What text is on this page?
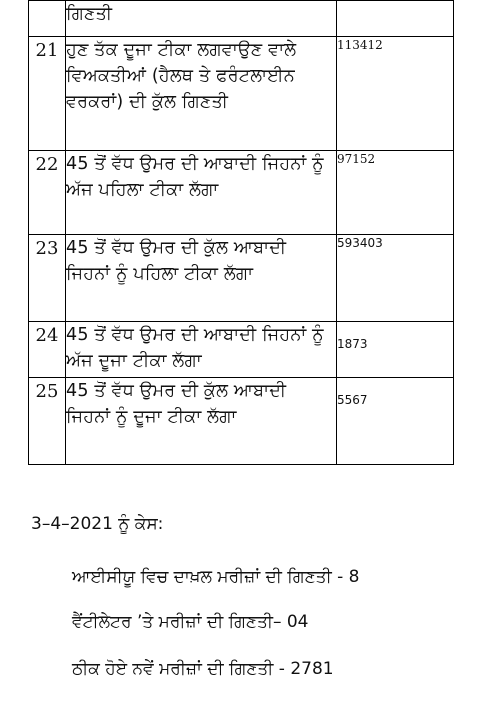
	ਗਿਣਤੀ	
21	ਹੁਣ ਤੱਕ ਦੂਜਾ ਟੀਕਾ ਲਗਵਾਉਣ ਵਾਲੇ ਵਿਅਕਤੀਆਂ (ਹੈਲਥ ਤੇ ਫਰੰਟਲਾਈਨ ਵਰਕਰਾਂ) ਦੀ ਕੁੱਲ ਗਿਣਤੀ	113412
22	45 ਤੋਂ ਵੱਧ ਉਮਰ ਦੀ ਆਬਾਦੀ ਜਿਹਨਾਂ ਨੂੰ ਅੱਜ ਪਹਿਲਾ ਟੀਕਾ ਲੱਗਾ	97152
23	45 ਤੋਂ ਵੱਧ ਉਮਰ ਦੀ ਕੁੱਲ ਆਬਾਦੀ ਜਿਹਨਾਂ ਨੂੰ ਪਹਿਲਾ ਟੀਕਾ ਲੱਗਾ	593403
24	45 ਤੋਂ ਵੱਧ ਉਮਰ ਦੀ ਆਬਾਦੀ ਜਿਹਨਾਂ ਨੂੰ ਅੱਜ ਦੂਜਾ ਟੀਕਾ ਲੱਗਾ	1873
25	45 ਤੋਂ ਵੱਧ ਉਮਰ ਦੀ ਕੁੱਲ ਆਬਾਦੀ ਜਿਹਨਾਂ ਨੂੰ ਦੂਜਾ ਟੀਕਾ ਲੱਗਾ	5567
3–4–2021 ਨੂੰ ਕੇਸ:
ਆਈਸੀਯੂ ਵਿਚ ਦਾਖ਼ਲ ਮਰੀਜ਼ਾਂ ਦੀ ਗਿਣਤੀ - 8
ਵੈਂਟੀਲੇਟਰ ’ਤੇ ਮਰੀਜ਼ਾਂ ਦੀ ਗਿਣਤੀ– 04
ਠੀਕ ਹੋਏ ਨਵੇਂ ਮਰੀਜ਼ਾਂ ਦੀ ਗਿਣਤੀ - 2781
